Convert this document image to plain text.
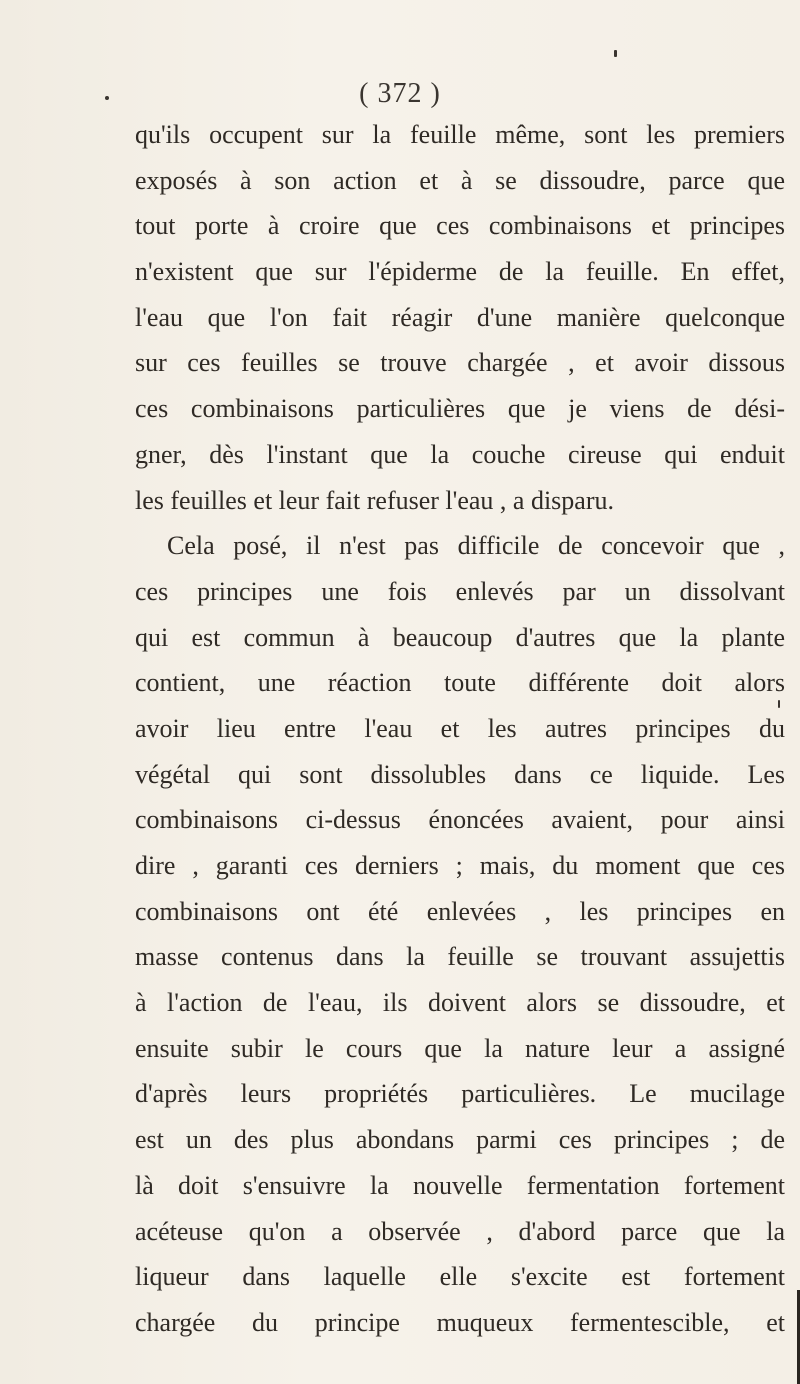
( 372 )
qu'ils occupent sur la feuille même, sont les premiers
exposés à son action et à se dissoudre, parce que
tout porte à croire que ces combinaisons et principes
n'existent que sur l'épiderme de la feuille. En effet,
l'eau que l'on fait réagir d'une manière quelconque
sur ces feuilles se trouve chargée , et avoir dissous
ces combinaisons particulières que je viens de dési-
gner, dès l'instant que la couche cireuse qui enduit
les feuilles et leur fait refuser l'eau , a disparu.
Cela posé, il n'est pas difficile de concevoir que ,
ces principes une fois enlevés par un dissolvant
qui est commun à beaucoup d'autres que la plante
contient, une réaction toute différente doit alors
avoir lieu entre l'eau et les autres principes du
végétal qui sont dissolubles dans ce liquide. Les
combinaisons ci-dessus énoncées avaient, pour ainsi
dire , garanti ces derniers ; mais, du moment que ces
combinaisons ont été enlevées , les principes en
masse contenus dans la feuille se trouvant assujettis
à l'action de l'eau, ils doivent alors se dissoudre, et
ensuite subir le cours que la nature leur a assigné
d'après leurs propriétés particulières. Le mucilage
est un des plus abondans parmi ces principes ; de
là doit s'ensuivre la nouvelle fermentation fortement
acéteuse qu'on a observée , d'abord parce que la
liqueur dans laquelle elle s'excite est fortement
chargée du principe muqueux fermentescible, et
